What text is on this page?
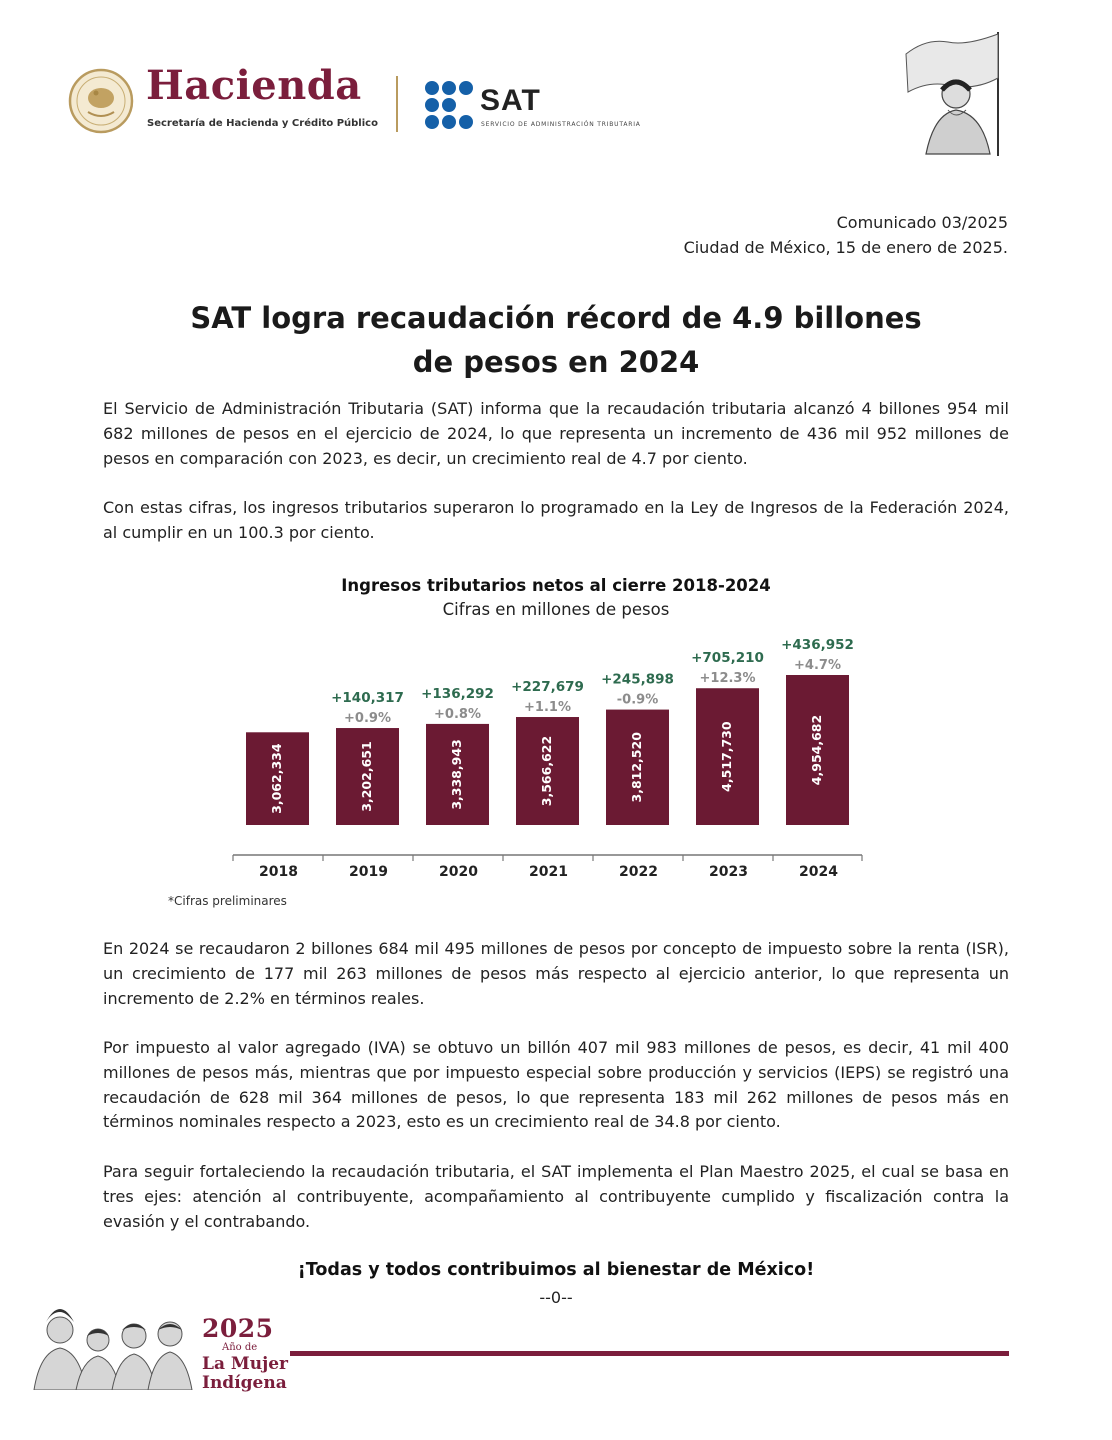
Hacienda
Secretaría de Hacienda y Crédito Público
SAT
SERVICIO DE ADMINISTRACIÓN TRIBUTARIA
Comunicado 03/2025
Ciudad de México, 15 de enero de 2025.
SAT logra recaudación récord de 4.9 billones
de pesos en 2024

El Servicio de Administración Tributaria (SAT) informa que la recaudación tributaria alcanzó 4 billones 954 mil 682 millones de pesos en el ejercicio de 2024, lo que representa un incremento de 436 mil 952 millones de pesos en comparación con 2023, es decir, un crecimiento real de 4.7 por ciento.

Con estas cifras, los ingresos tributarios superaron lo programado en la Ley de Ingresos de la Federación 2024, al cumplir en un 100.3 por ciento.

Ingresos tributarios netos al cierre 2018-2024
Cifras en millones de pesos
3,062,334
2018
3,202,651
+0.9%
+140,317
2019
3,338,943
+0.8%
+136,292
2020
3,566,622
+1.1%
+227,679
2021
3,812,520
-0.9%
+245,898
2022
4,517,730
+12.3%
+705,210
2023
4,954,682
+4.7%
+436,952
2024
*Cifras preliminares

En 2024 se recaudaron 2 billones 684 mil 495 millones de pesos por concepto de impuesto sobre la renta (ISR), un crecimiento de 177 mil 263 millones de pesos más respecto al ejercicio anterior, lo que representa un incremento de 2.2% en términos reales.

Por impuesto al valor agregado (IVA) se obtuvo un billón 407 mil 983 millones de pesos, es decir, 41 mil 400 millones de pesos más, mientras que por impuesto especial sobre producción y servicios (IEPS) se registró una recaudación de 628 mil 364 millones de pesos, lo que representa 183 mil 262 millones de pesos más en términos nominales respecto a 2023, esto es un crecimiento real de 34.8 por ciento.

Para seguir fortaleciendo la recaudación tributaria, el SAT implementa el Plan Maestro 2025, el cual se basa en tres ejes: atención al contribuyente, acompañamiento al contribuyente cumplido y fiscalización contra la evasión y el contrabando.

¡Todas y todos contribuimos al bienestar de México!
--0--
2025
Año de
La Mujer
Indígena
